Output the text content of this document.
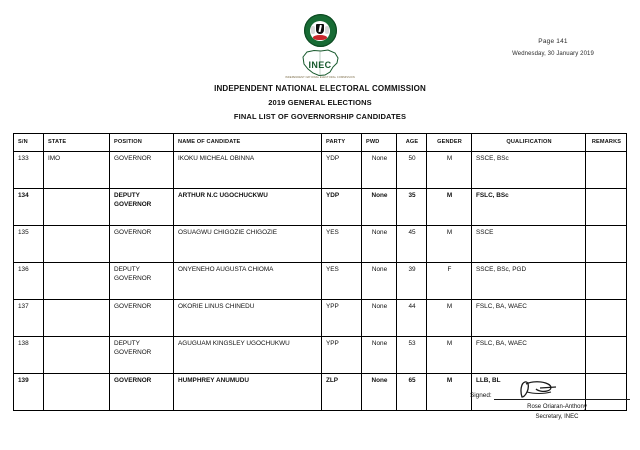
Page 141
Wednesday, 30 January 2019
INEC
INDEPENDENT NATIONAL ELECTORAL COMMISSION
INDEPENDENT NATIONAL ELECTORAL COMMISSION
2019 GENERAL ELECTIONS
FINAL LIST OF GOVERNORSHIP CANDIDATES
S/N	STATE	POSITION	NAME OF CANDIDATE	PARTY	PWD	AGE	GENDER	QUALIFICATION	REMARKS
133	IMO	GOVERNOR	IKOKU MICHEAL OBINNA	YDP	None	50	M	SSCE, BSc	
134		DEPUTY GOVERNOR	ARTHUR N.C UGOCHUCKWU	YDP	None	35	M	FSLC, BSc	
135		GOVERNOR	OSUAGWU CHIGOZIE CHIGOZIE	YES	None	45	M	SSCE	
136		DEPUTY GOVERNOR	ONYENEHO AUGUSTA CHIOMA	YES	None	39	F	SSCE, BSc, PGD	
137		GOVERNOR	OKORIE LINUS CHINEDU	YPP	None	44	M	FSLC, BA, WAEC	
138		DEPUTY GOVERNOR	AGUGUAM KINGSLEY UGOCHUKWU	YPP	None	53	M	FSLC, BA, WAEC	
139		GOVERNOR	HUMPHREY ANUMUDU	ZLP	None	65	M	LLB, BL	
Signed:
Rose Oriaran-Anthony
Secretary, INEC
